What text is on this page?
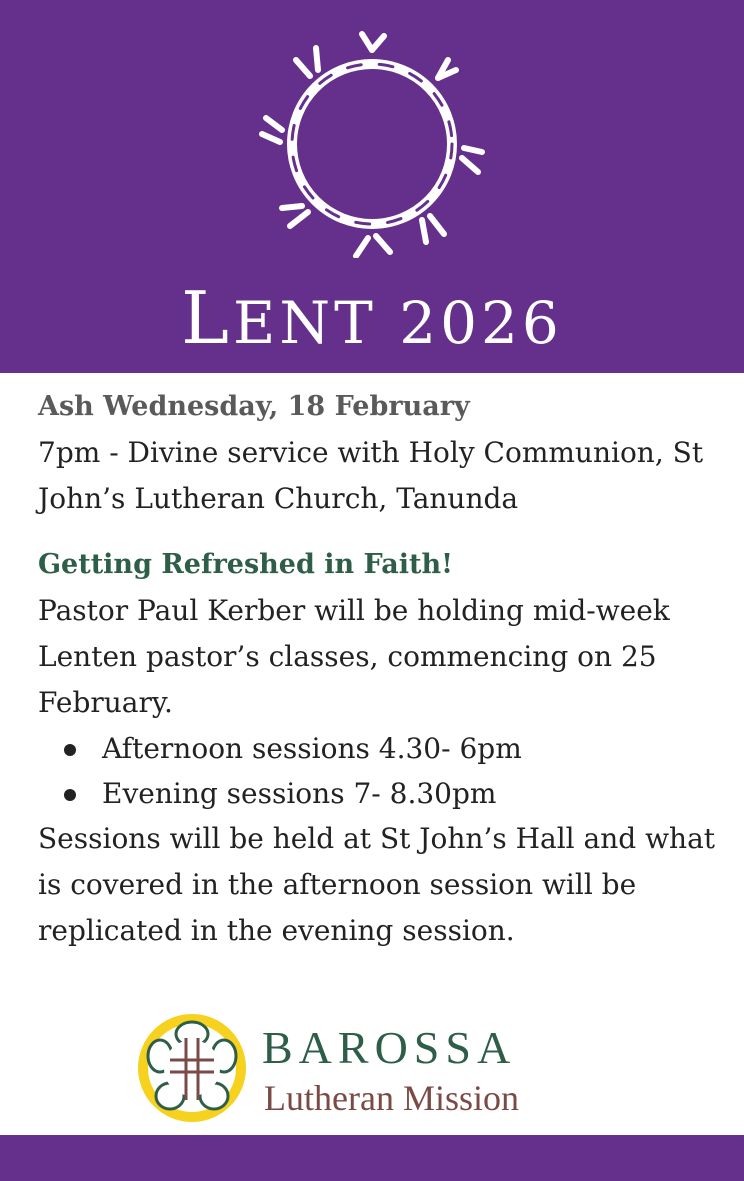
LENT 2026
Ash Wednesday, 18 February

7pm - Divine service with Holy Communion, St John’s Lutheran Church, Tanunda

Getting Refreshed in Faith!

Pastor Paul Kerber will be holding mid-week Lenten pastor’s classes, commencing on 25 February.

Afternoon sessions 4.30- 6pm
Evening sessions 7- 8.30pm

Sessions will be held at St John’s Hall and what is covered in the afternoon session will be replicated in the evening session.

BAROSSA
Lutheran Mission
